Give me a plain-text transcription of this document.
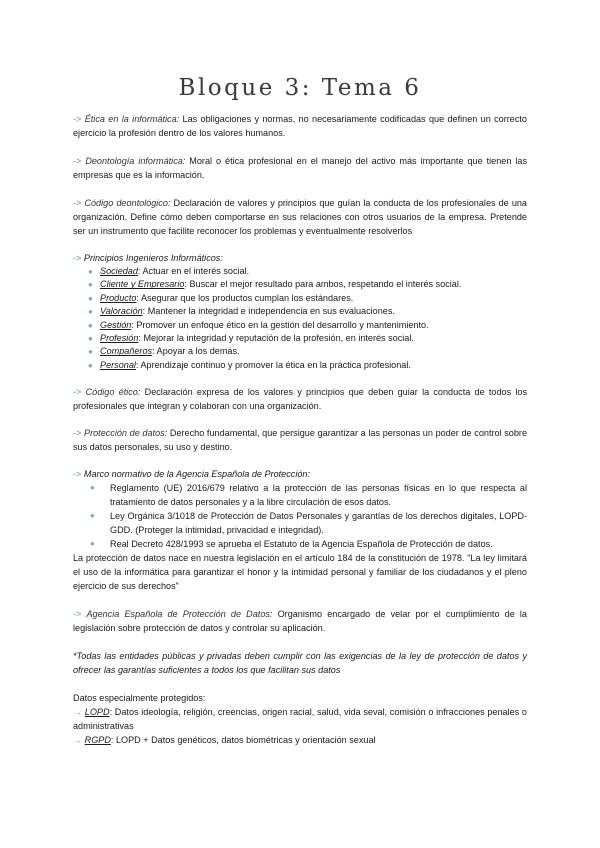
Bloque 3: Tema 6

-> Ética en la informática: Las obligaciones y normas, no necesariamente codificadas que definen un correcto ejercicio la profesión dentro de los valores humanos.

-> Deontología informática: Moral o ética profesional en el manejo del activo más importante que tienen las empresas que es la información.

-> Código deontológico: Declaración de valores y principios que guían la conducta de los profesionales de una organización. Define cómo deben comportarse en sus relaciones con otros usuarios de la empresa. Pretende ser un instrumento que facilite reconocer los problemas y eventualmente resolverlos

-> Principios Ingenieros Informáticos:

● Sociedad: Actuar en el interés social.
● Cliente y Empresario: Buscar el mejor resultado para ambos, respetando el interés social.
● Producto: Asegurar que los productos cumplan los estándares.
● Valoración: Mantener la integridad e independencia en sus evaluaciones.
● Gestión: Promover un enfoque ético en la gestión del desarrollo y mantenimiento.
● Profesión: Mejorar la integridad y reputación de la profesión, en interés social.
● Compañeros: Apoyar a los demás.
● Personal: Aprendizaje continuo y promover la ética en la práctica profesional.

-> Código ético: Declaración expresa de los valores y principios que deben guiar la conducta de todos los profesionales que integran y colaboran con una organización.

-> Protección de datos: Derecho fundamental, que persigue garantizar a las personas un poder de control sobre sus datos personales, su uso y destino.

-> Marco normativo de la Agencia Española de Protección:

● Reglamento (UE) 2016/679 relativo a la protección de las personas físicas en lo que respecta al tratamiento de datos personales y a la libre circulación de esos datos.
● Ley Orgánica 3/1018 de Protección de Datos Personales y garantías de los derechos digitales, LOPD-GDD. (Proteger la intimidad, privacidad e integridad).
● Real Decreto 428/1993 se aprueba el Estatuto de la Agencia Española de Protección de datos.

La protección de datos nace en nuestra legislación en el artículo 184 de la constitución de 1978. "La ley limitará el uso de la informática para garantizar el honor y la intimidad personal y familiar de los ciudadanos y el pleno ejercicio de sus derechos"

-> Agencia Española de Protección de Datos: Organismo encargado de velar por el cumplimiento de la legislación sobre protección de datos y controlar su aplicación.

*Todas las entidades públicas y privadas deben cumplir con las exigencias de la ley de protección de datos y ofrecer las garantías suficientes a todos los que facilitan sus datos

Datos especialmente protegidos:

→ LOPD: Datos ideología, religión, creencias, origen racial, salud, vida seval, comisión o infracciones penales o administrativas

→ RGPD: LOPD + Datos genéticos, datos biométricas y orientación sexual
